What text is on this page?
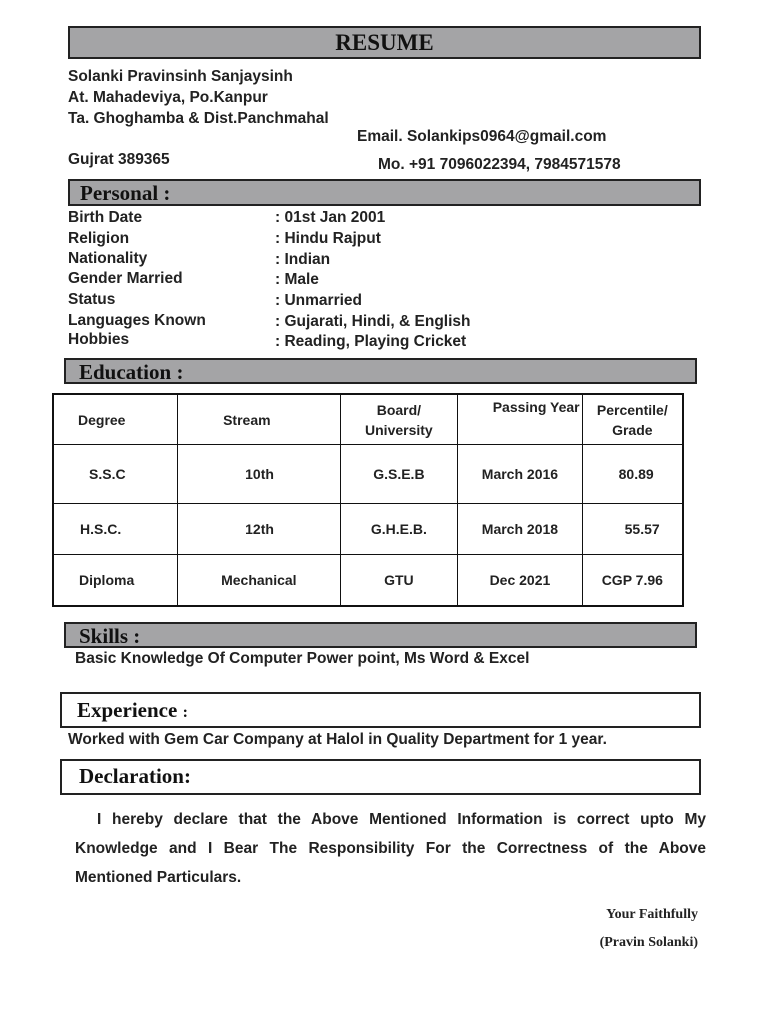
RESUME
Solanki Pravinsinh Sanjaysinh
At. Mahadeviya, Po.Kanpur
Ta. Ghoghamba & Dist.Panchmahal
Email. Solankips0964@gmail.com
Gujrat 389365	Mo. +91 7096022394, 7984571578
Personal :
Birth Date	: 01st Jan 2001
Religion	: Hindu Rajput
Nationality	: Indian
Gender Married	: Male
Status	: Unmarried
Languages Known	: Gujarati, Hindi, & English
Hobbies	: Reading, Playing Cricket
Education :
Degree	Stream	Board/ University	Passing Year	Percentile/ Grade

S.S.C	10th	G.S.E.B	March 2016	80.89
H.S.C.	12th	G.H.E.B.	March 2018	55.57
Diploma	Mechanical	GTU	Dec 2021	CGP 7.96
Skills :
Basic Knowledge Of Computer Power point, Ms Word & Excel
Experience :
Worked with Gem Car Company at Halol in Quality Department for 1 year.
Declaration:
I hereby declare that the Above Mentioned Information is correct upto My Knowledge and I Bear The Responsibility For the Correctness of the Above Mentioned Particulars.
Your Faithfully
(Pravin Solanki)
